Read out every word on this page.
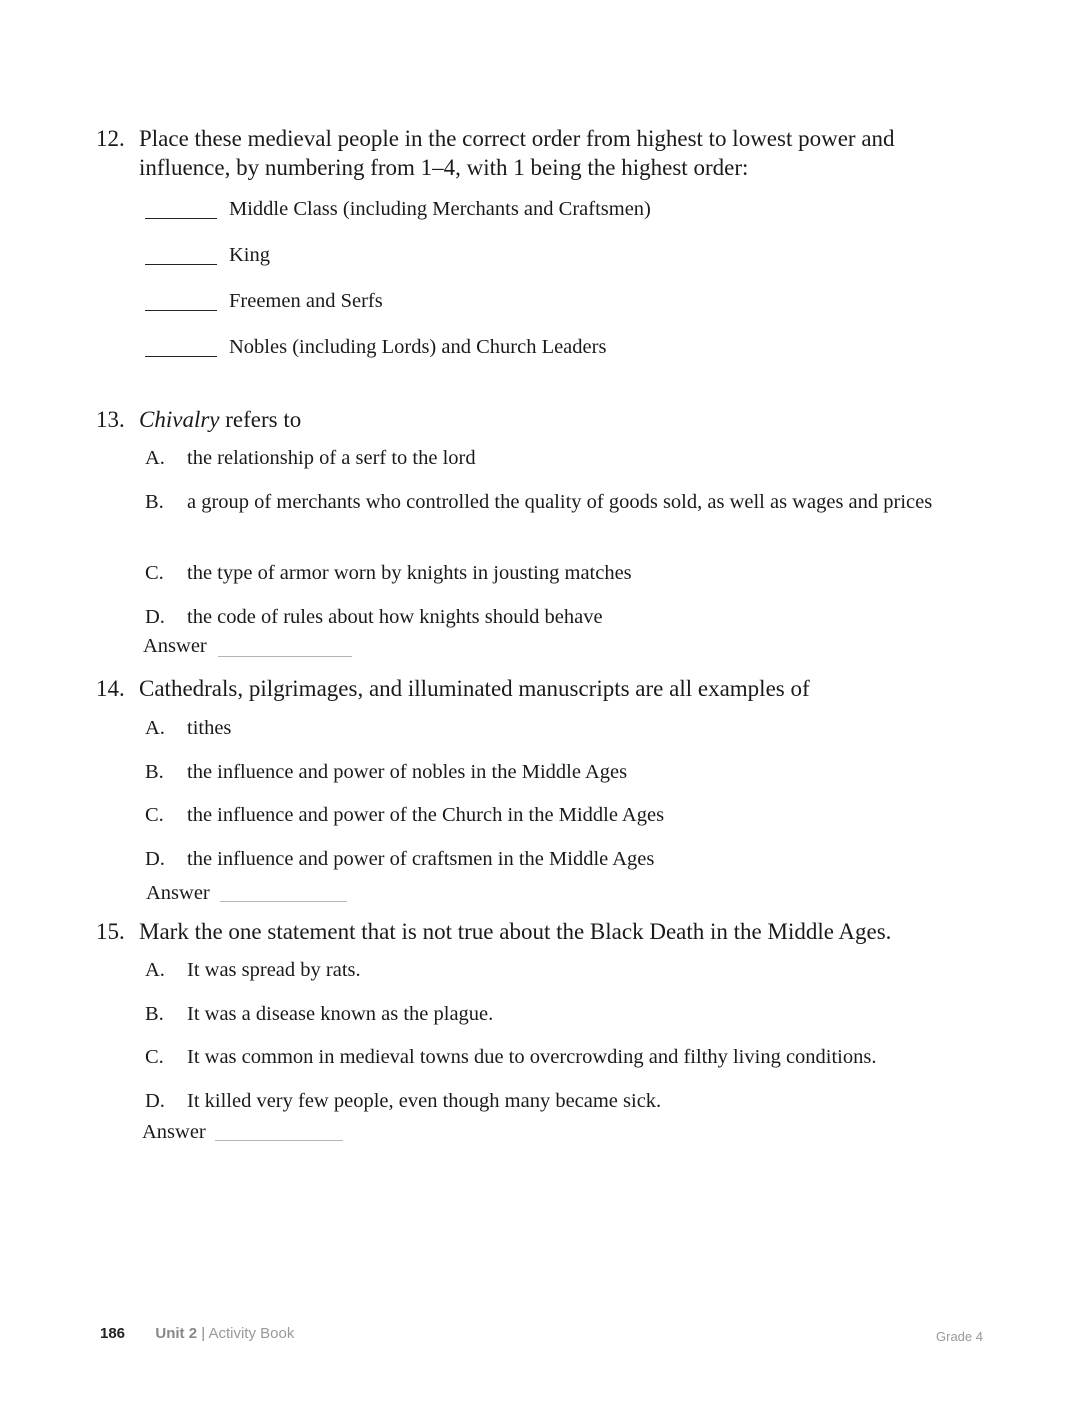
12. Place these medieval people in the correct order from highest to lowest power and influence, by numbering from 1–4, with 1 being the highest order:
Middle Class (including Merchants and Craftsmen)
King
Freemen and Serfs
Nobles (including Lords) and Church Leaders
13. Chivalry refers to
A. the relationship of a serf to the lord
B. a group of merchants who controlled the quality of goods sold, as well as wages and prices
C. the type of armor worn by knights in jousting matches
D. the code of rules about how knights should behave
Answer
14. Cathedrals, pilgrimages, and illuminated manuscripts are all examples of
A. tithes
B. the influence and power of nobles in the Middle Ages
C. the influence and power of the Church in the Middle Ages
D. the influence and power of craftsmen in the Middle Ages
Answer
15. Mark the one statement that is not true about the Black Death in the Middle Ages.
A. It was spread by rats.
B. It was a disease known as the plague.
C. It was common in medieval towns due to overcrowding and filthy living conditions.
D. It killed very few people, even though many became sick.
Answer
186 Unit 2 | Activity Book	Grade 4
